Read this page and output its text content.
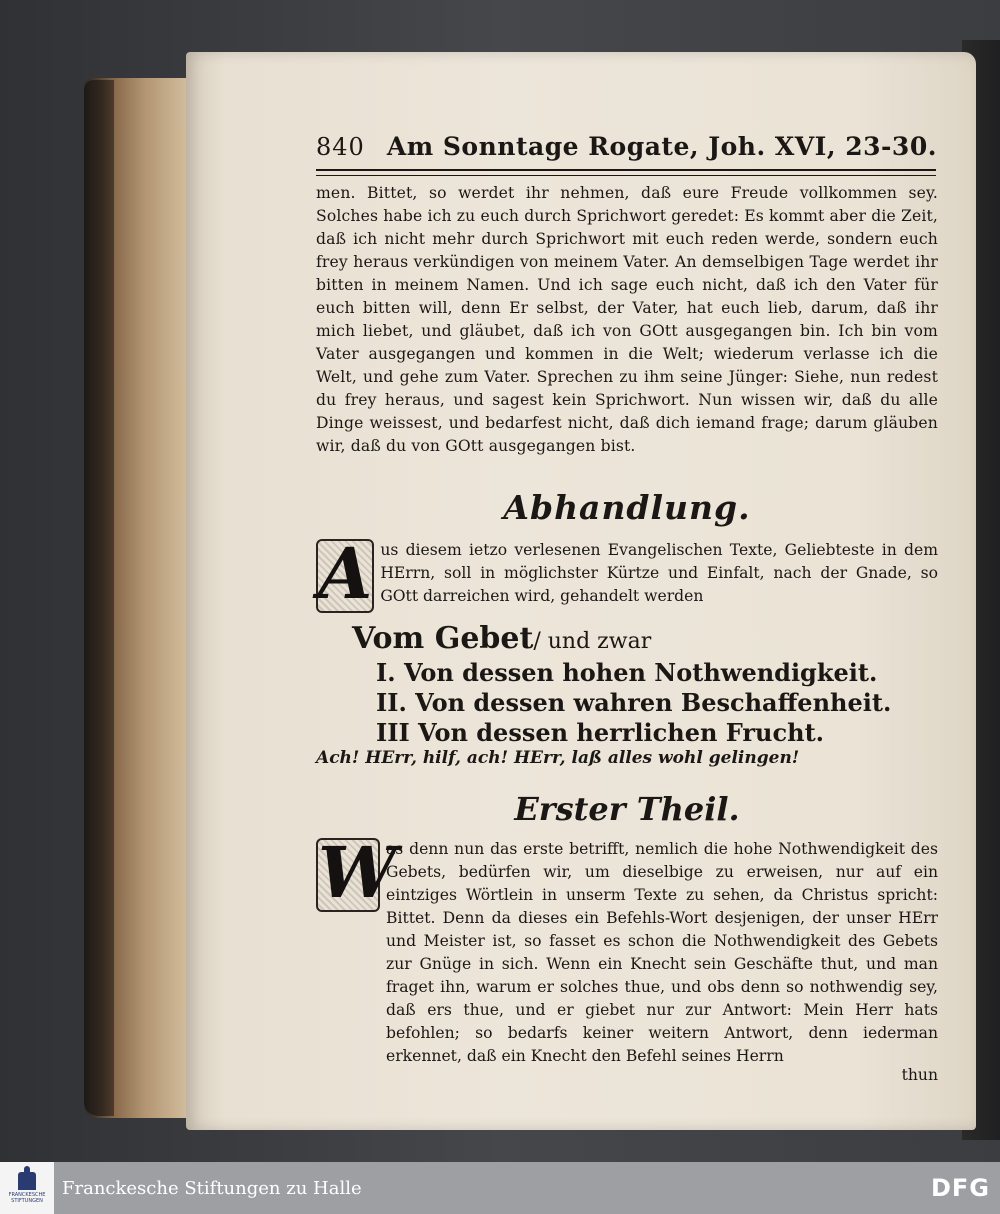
840 Am Sonntage Rogate, Joh. XVI, 23-30.

men. Bittet, so werdet ihr nehmen, daß eure Freude vollkommen sey. Solches habe ich zu euch durch Sprichwort geredet: Es kommt aber die Zeit, daß ich nicht mehr durch Sprichwort mit euch reden werde, sondern euch frey heraus verkündigen von meinem Vater. An demselbigen Tage werdet ihr bitten in meinem Namen. Und ich sage euch nicht, daß ich den Vater für euch bitten will, denn Er selbst, der Vater, hat euch lieb, darum, daß ihr mich liebet, und gläubet, daß ich von GOtt ausgegangen bin. Ich bin vom Vater ausgegangen und kommen in die Welt; wiederum verlasse ich die Welt, und gehe zum Vater. Sprechen zu ihm seine Jünger: Siehe, nun redest du frey heraus, und sagest kein Sprichwort. Nun wissen wir, daß du alle Dinge weissest, und bedarfest nicht, daß dich iemand frage; darum gläuben wir, daß du von GOtt ausgegangen bist.

Abhandlung.
A us diesem ietzo verlesenen Evangelischen Texte, Geliebteste in dem HErrn, soll in möglichster Kürtze und Einfalt, nach der Gnade, so GOtt darreichen wird, gehandelt werden

Vom Gebet/ und zwar
I. Von dessen hohen Nothwendigkeit.
II. Von dessen wahren Beschaffenheit.
III Von dessen herrlichen Frucht.

Ach! HErr, hilf, ach! HErr, laß alles wohl gelingen!

Erster Theil.
W

as denn nun das erste betrifft, nemlich die hohe Nothwendigkeit des Gebets, bedürfen wir, um dieselbige zu erweisen, nur auf ein eintziges Wörtlein in unserm Texte zu sehen, da Christus spricht: Bittet. Denn da dieses ein Befehls-Wort desjenigen, der unser HErr und Meister ist, so fasset es schon die Nothwendigkeit des Gebets zur Gnüge in sich. Wenn ein Knecht sein Geschäfte thut, und man fraget ihn, warum er solches thue, und obs denn so nothwendig sey, daß ers thue, und er giebet nur zur Antwort: Mein Herr hats befohlen; so bedarfs keiner weitern Antwort, denn iederman erkennet, daß ein Knecht den Befehl seines Herrn

thun
FRANCKESCHE STIFTUNGEN
Franckesche Stiftungen zu Halle	DFG
